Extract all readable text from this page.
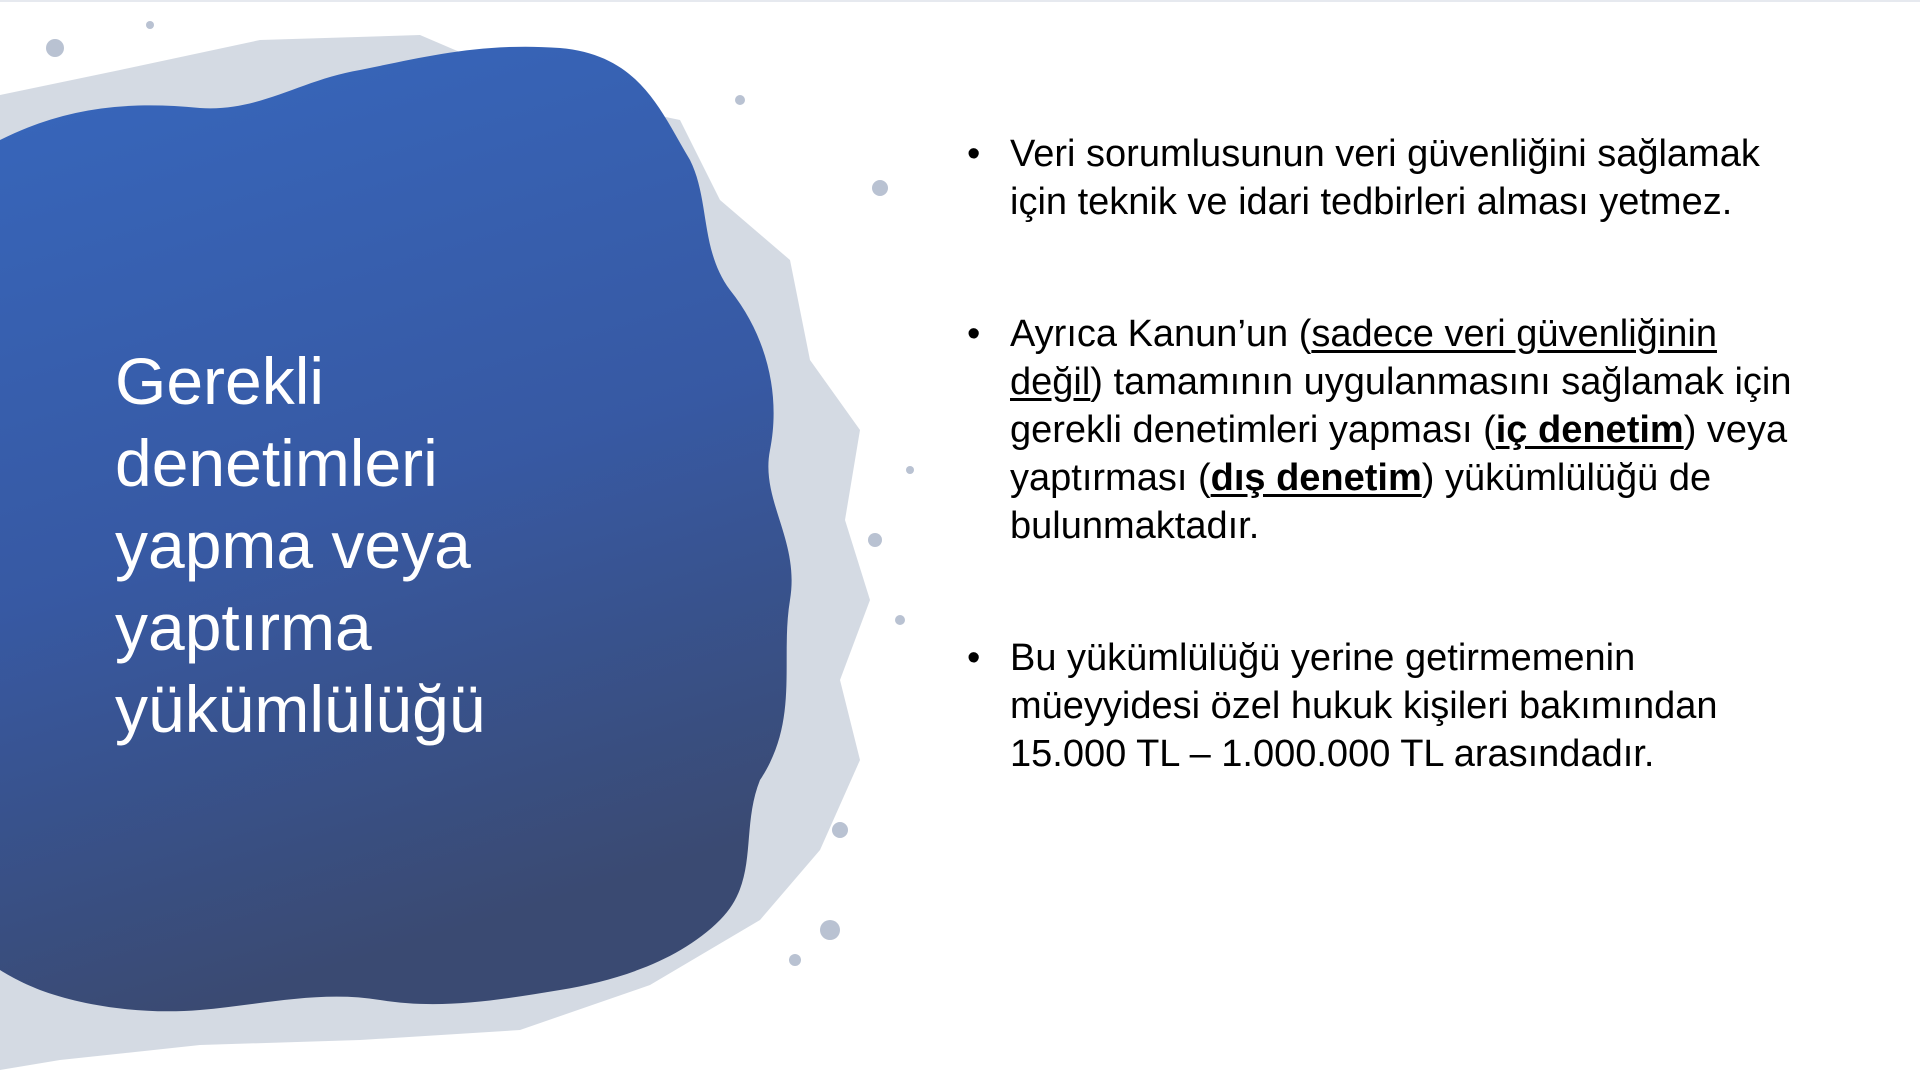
Gerekli
denetimleri
yapma veya
yaptırma
yükümlülüğü
• Veri sorumlusunun veri güvenliğini sağlamak için teknik ve idari tedbirleri alması yetmez.
• Ayrıca Kanun’un (sadece veri güvenliğinin değil) tamamının uygulanmasını sağlamak için gerekli denetimleri yapması (iç denetim) veya yaptırması (dış denetim) yükümlülüğü de bulunmaktadır.
• Bu yükümlülüğü yerine getirmemenin müeyyidesi özel hukuk kişileri bakımından 15.000 TL – 1.000.000 TL arasındadır.
